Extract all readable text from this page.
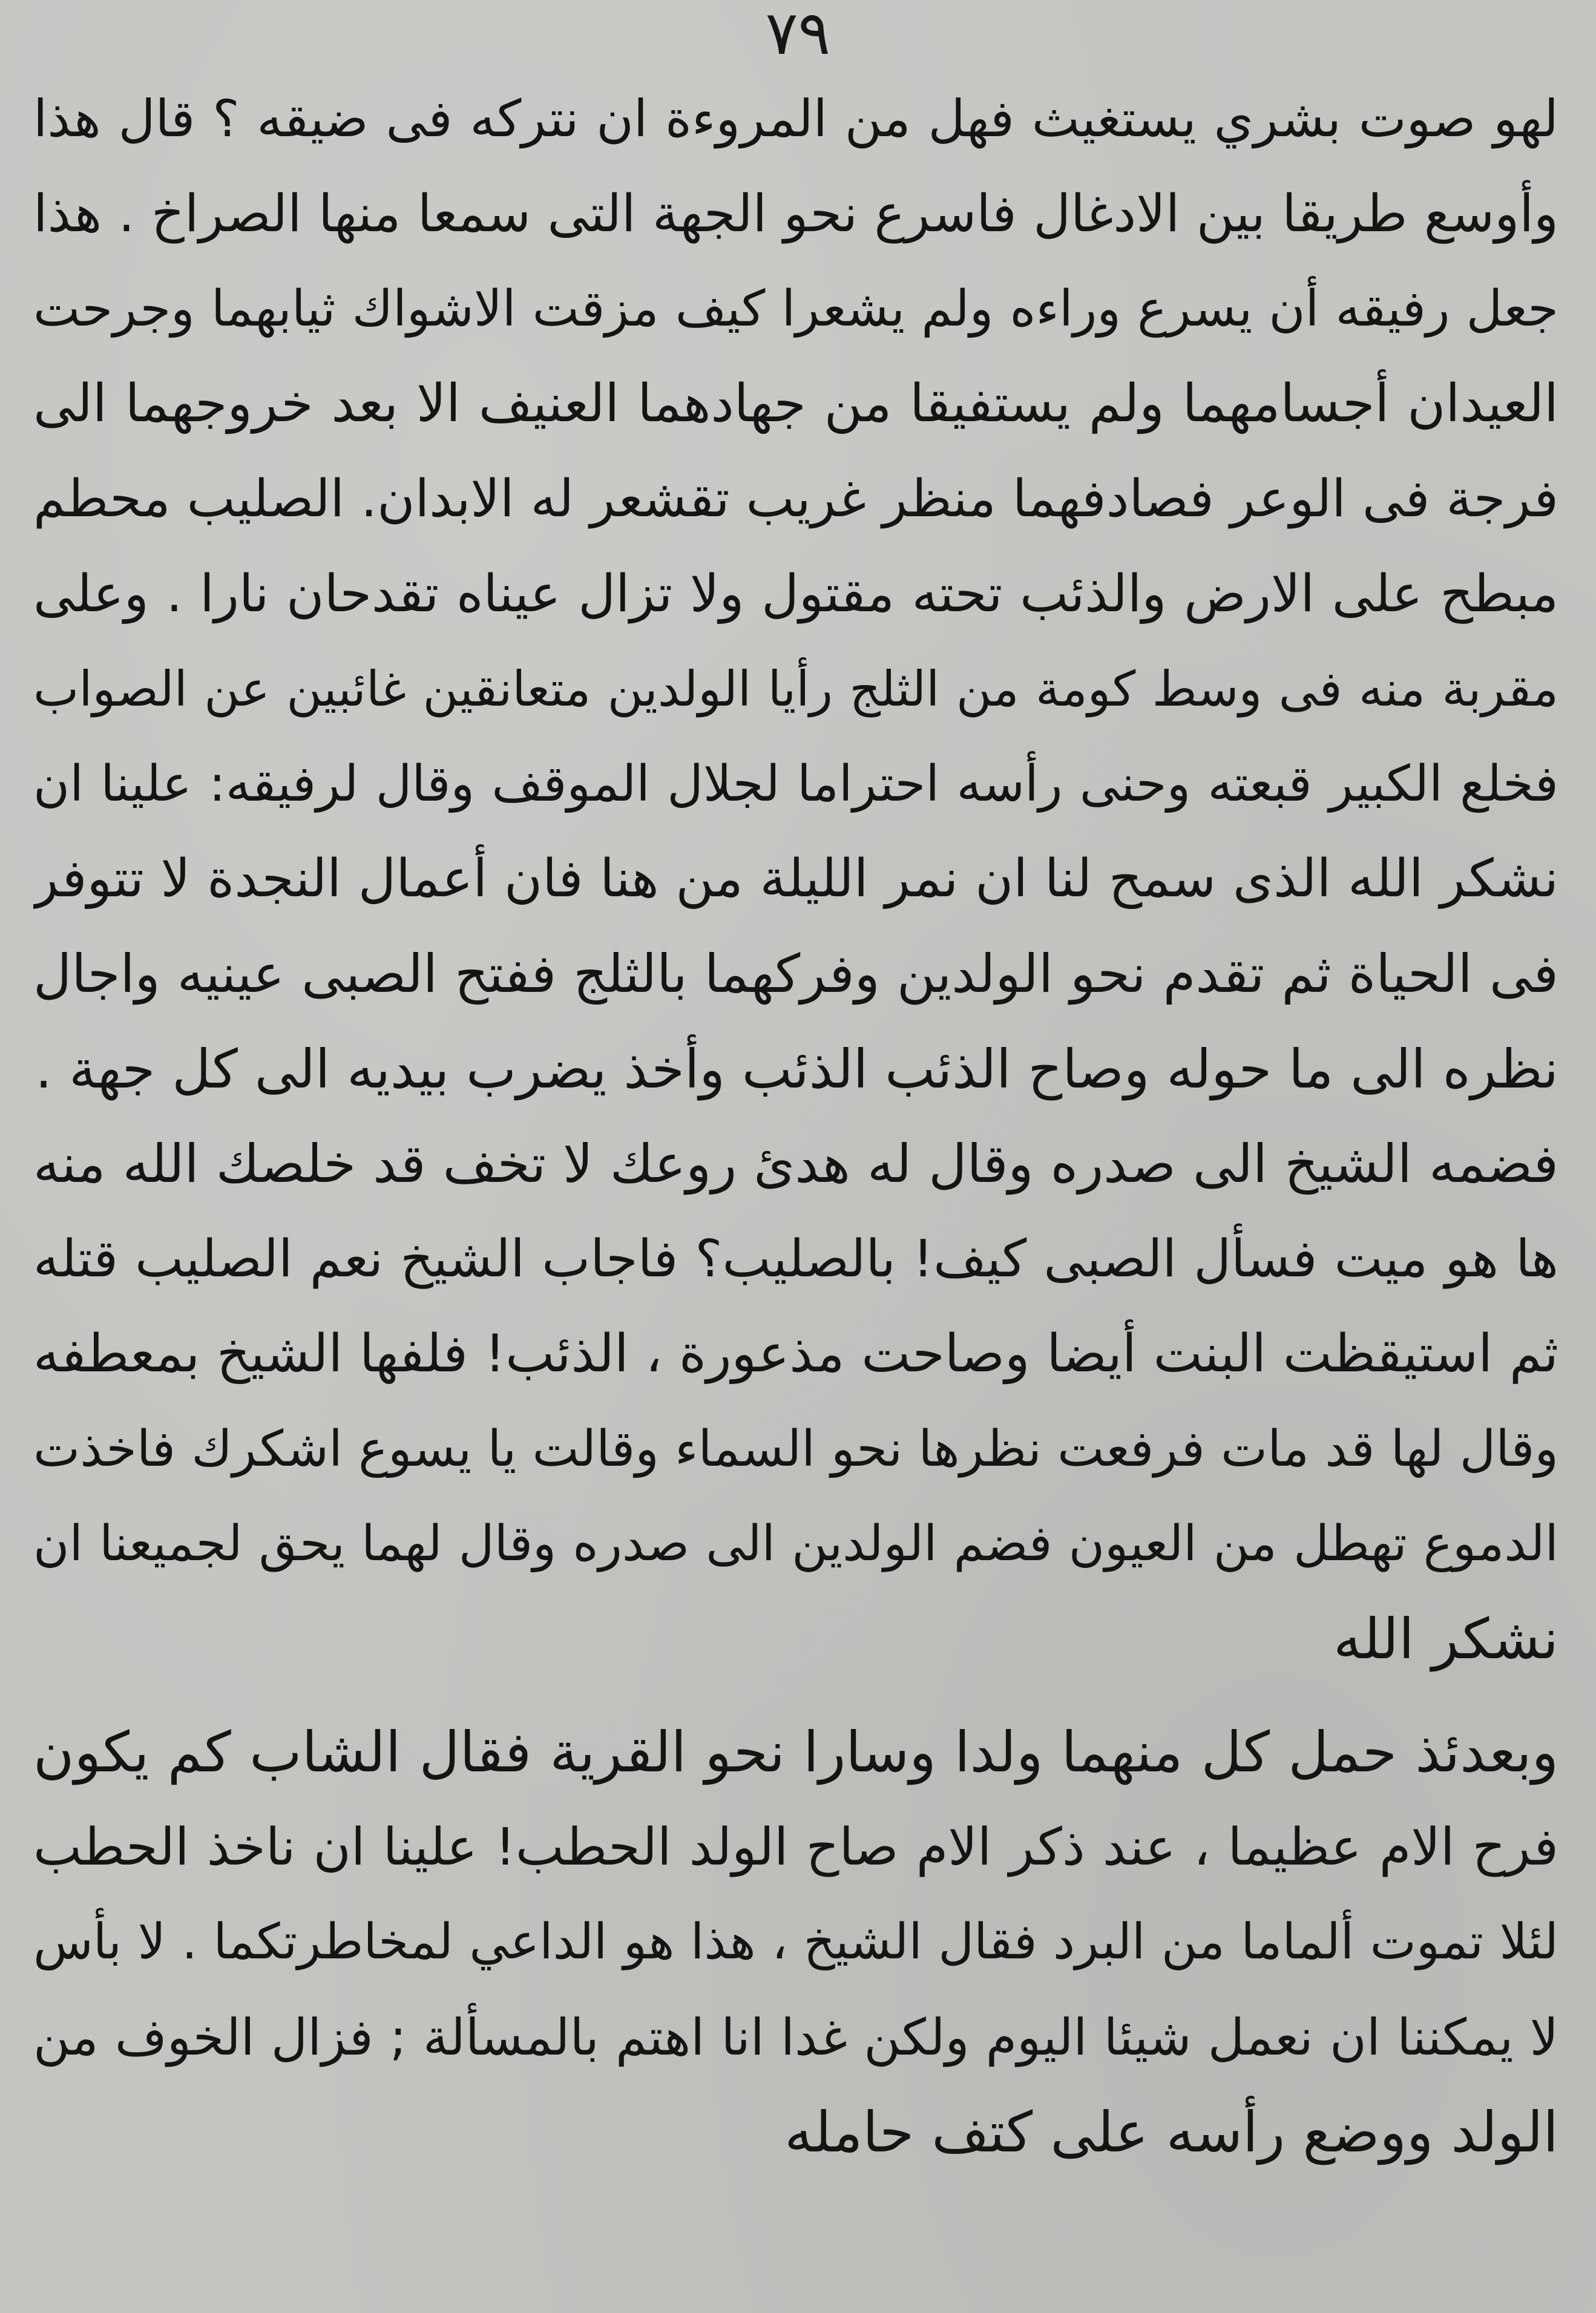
٧٩
لهو صوت بشري يستغيث فهل من المروءة ان نتركه فى ضيقه ؟ قال هذا
وأوسع طريقا بين الادغال فاسرع نحو الجهة التى سمعا منها الصراخ . هذا
جعل رفيقه أن يسرع وراءه ولم يشعرا كيف مزقت الاشواك ثيابهما وجرحت
العيدان أجسامهما ولم يستفيقا من جهادهما العنيف الا بعد خروجهما الى
فرجة فى الوعر فصادفهما منظر غريب تقشعر له الابدان. الصليب محطم
مبطح على الارض والذئب تحته مقتول ولا تزال عيناه تقدحان نارا . وعلى
مقربة منه فى وسط كومة من الثلج رأيا الولدين متعانقين غائبين عن الصواب
فخلع الكبير قبعته وحنى رأسه احتراما لجلال الموقف وقال لرفيقه: علينا ان
نشكر الله الذى سمح لنا ان نمر الليلة من هنا فان أعمال النجدة لا تتوفر
فى الحياة ثم تقدم نحو الولدين وفركهما بالثلج ففتح الصبى عينيه واجال
نظره الى ما حوله وصاح الذئب الذئب وأخذ يضرب بيديه الى كل جهة .
فضمه الشيخ الى صدره وقال له هدئ روعك لا تخف قد خلصك الله منه
ها هو ميت فسأل الصبى كيف! بالصليب؟ فاجاب الشيخ نعم الصليب قتله
ثم استيقظت البنت أيضا وصاحت مذعورة ، الذئب! فلفها الشيخ بمعطفه
وقال لها قد مات فرفعت نظرها نحو السماء وقالت يا يسوع اشكرك فاخذت
الدموع تهطل من العيون فضم الولدين الى صدره وقال لهما يحق لجميعنا ان
نشكر الله
وبعدئذ حمل كل منهما ولدا وسارا نحو القرية فقال الشاب كم يكون
فرح الام عظيما ، عند ذكر الام صاح الولد الحطب! علينا ان ناخذ الحطب
لئلا تموت ألماما من البرد فقال الشيخ ، هذا هو الداعي لمخاطرتكما . لا بأس
لا يمكننا ان نعمل شيئا اليوم ولكن غدا انا اهتم بالمسألة ; فزال الخوف من
الولد ووضع رأسه على كتف حامله
